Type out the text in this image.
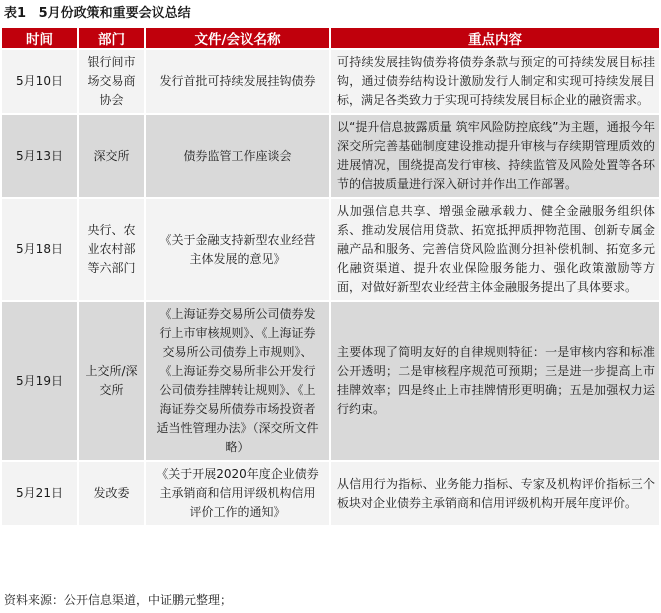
表1 5月份政策和重要会议总结
时间	部门	文件/会议名称	重点内容
5月10日	银行间市场交易商协会	发行首批可持续发展挂钩债券	可持续发展挂钩债券将债券条款与预定的可持续发展目标挂钩，通过债券结构设计激励发行人制定和实现可持续发展目标，满足各类致力于实现可持续发展目标企业的融资需求。
5月13日	深交所	债券监管工作座谈会	以“提升信息披露质量 筑牢风险防控底线”为主题，通报今年深交所完善基础制度建设推动提升审核与存续期管理质效的进展情况，围绕提高发行审核、持续监管及风险处置等各环节的信披质量进行深入研讨并作出工作部署。
5月18日	央行、农业农村部等六部门	《关于金融支持新型农业经营主体发展的意见》	从加强信息共享、增强金融承载力、健全金融服务组织体系、推动发展信用贷款、拓宽抵押质押物范围、创新专属金融产品和服务、完善信贷风险监测分担补偿机制、拓宽多元化融资渠道、提升农业保险服务能力、强化政策激励等方面，对做好新型农业经营主体金融服务提出了具体要求。
5月19日	上交所/深交所	《上海证券交易所公司债券发行上市审核规则》、《上海证券交易所公司债券上市规则》、《上海证券交易所非公开发行公司债券挂牌转让规则》、《上海证券交易所债券市场投资者适当性管理办法》（深交所文件略）	主要体现了简明友好的自律规则特征：一是审核内容和标准公开透明；二是审核程序规范可预期；三是进一步提高上市挂牌效率；四是终止上市挂牌情形更明确；五是加强权力运行约束。
5月21日	发改委	《关于开展2020年度企业债券主承销商和信用评级机构信用评价工作的通知》	从信用行为指标、业务能力指标、专家及机构评价指标三个板块对企业债券主承销商和信用评级机构开展年度评价。
资料来源：公开信息渠道，中证鹏元整理；
